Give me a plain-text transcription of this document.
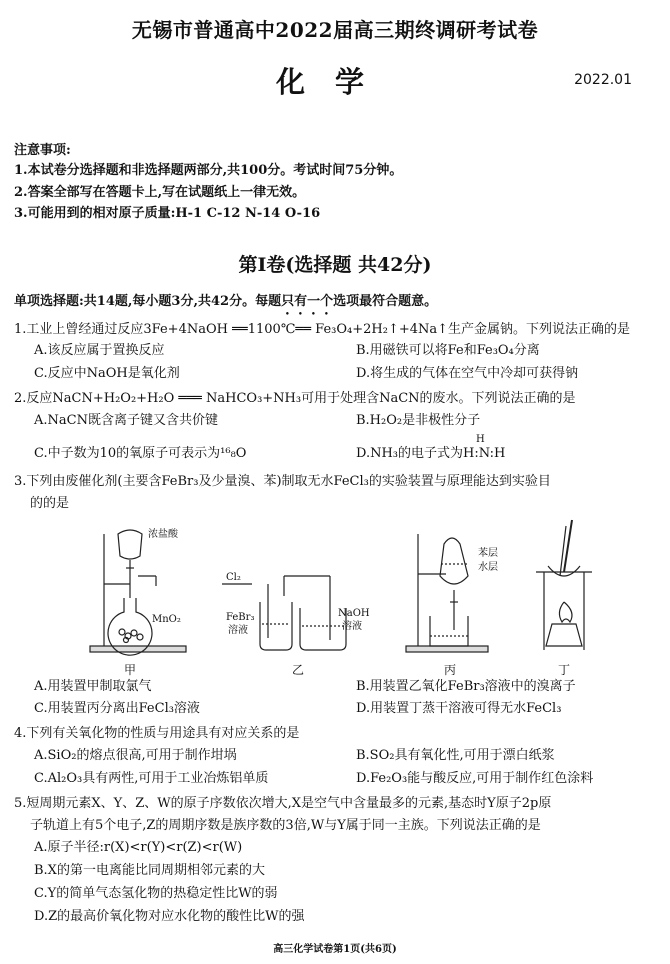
无锡市普通高中2022届高三期终调研考试卷
化学	2022.01
注意事项:
1.本试卷分选择题和非选择题两部分,共100分。考试时间75分钟。
2.答案全部写在答题卡上,写在试题纸上一律无效。
3.可能用到的相对原子质量:H-1 C-12 N-14 O-16
第Ⅰ卷(选择题 共42分)
单项选择题:共14题,每小题3分,共42分。每题只有一个选项最符合题意。
1.工业上曾经通过反应3Fe+4NaOH ══1100℃══ Fe₃O₄+2H₂↑+4Na↑生产金属钠。下列说法正确的是
A.该反应属于置换反应	B.用磁铁可以将Fe和Fe₃O₄分离
C.反应中NaOH是氧化剂	D.将生成的气体在空气中冷却可获得钠
2.反应NaCN+H₂O₂+H₂O ═══ NaHCO₃+NH₃可用于处理含NaCN的废水。下列说法正确的是
A.NaCN既含离子键又含共价键	B.H₂O₂是非极性分子
C.中子数为10的氧原子可表示为¹⁶₈O	D.NH₃的电子式为H:N:H
H
3.下列由废催化剂(主要含FeBr₃及少量溴、苯)制取无水FeCl₃的实验装置与原理能达到实验目
的的是
浓盐酸
MnO₂
Cl₂
FeBr₃
溶液
NaOH
溶液
苯层
水层
甲	乙	丙	丁
A.用装置甲制取氯气	B.用装置乙氧化FeBr₃溶液中的溴离子
C.用装置丙分离出FeCl₃溶液	D.用装置丁蒸干溶液可得无水FeCl₃
4.下列有关氧化物的性质与用途具有对应关系的是
A.SiO₂的熔点很高,可用于制作坩埚	B.SO₂具有氧化性,可用于漂白纸浆
C.Al₂O₃具有两性,可用于工业冶炼铝单质	D.Fe₂O₃能与酸反应,可用于制作红色涂料
5.短周期元素X、Y、Z、W的原子序数依次增大,X是空气中含量最多的元素,基态时Y原子2p原
子轨道上有5个电子,Z的周期序数是族序数的3倍,W与Y属于同一主族。下列说法正确的是
A.原子半径:r(X)<r(Y)<r(Z)<r(W)
B.X的第一电离能比同周期相邻元素的大
C.Y的简单气态氢化物的热稳定性比W的弱
D.Z的最高价氧化物对应水化物的酸性比W的强
高三化学试卷第1页(共6页)
